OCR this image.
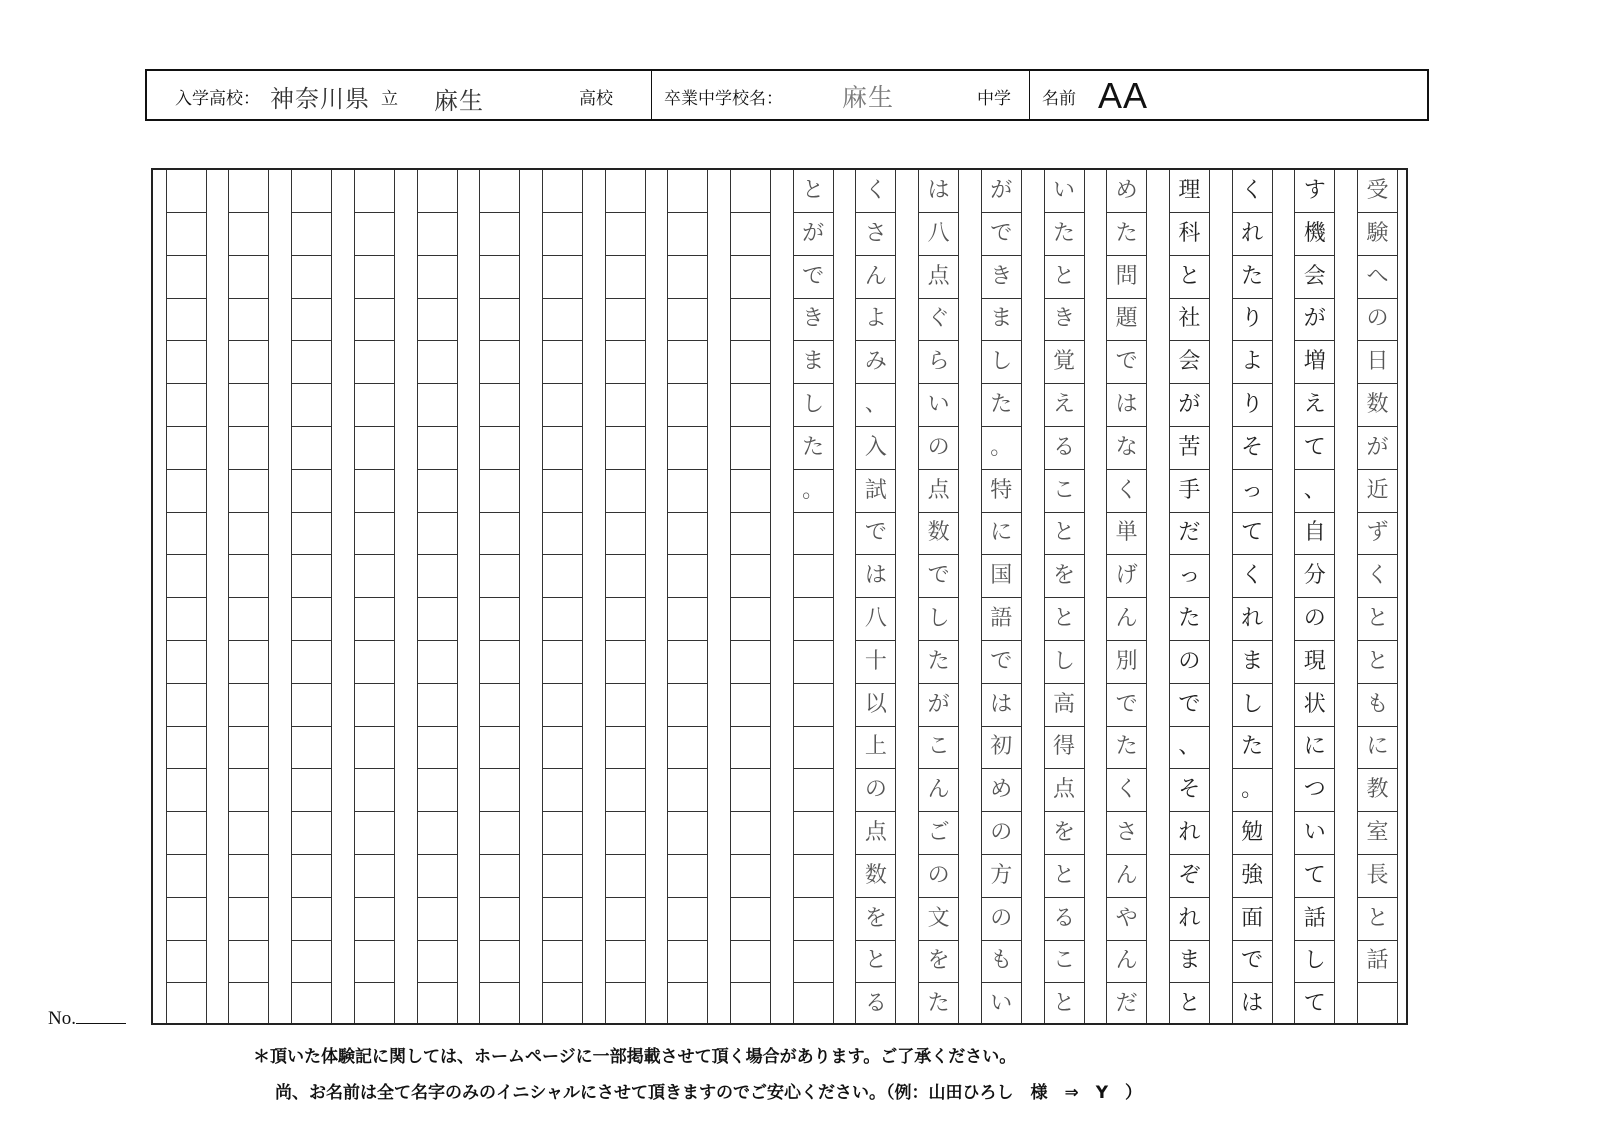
入学高校： 神奈川県 立 麻生	高校	卒業中学校名： 麻生	中学 名前 AA
受
験
へ
の
日
数
が
近
ず
く
と
と
も
に
教
室
長
と
話
す
機
会
が
増
え
て
、
自
分
の
現
状
に
つ
い
て
話
し
て
く
れ
た
り
よ
り
そ
っ
て
く
れ
ま
し
た
。
勉
強
面
で
は
理
科
と
社
会
が
苦
手
だ
っ
た
の
で
、
そ
れ
ぞ
れ
ま
と
め
た
問
題
で
は
な
く
単
げ
ん
別
で
た
く
さ
ん
や
ん
だ
い
た
と
き
覚
え
る
こ
と
を
と
し
高
得
点
を
と
る
こ
と
が
で
き
ま
し
た
。
特
に
国
語
で
は
初
め
の
方
の
も
い
は
八
点
ぐ
ら
い
の
点
数
で
し
た
が
こ
ん
ご
の
文
を
た
く
さ
ん
よ
み
、
入
試
で
は
八
十
以
上
の
点
数
を
と
る
と
が
で
き
ま
し
た
。
No.
＊頂いた体験記に関しては、ホームページに一部掲載させて頂く場合があります。ご了承ください。
尚、お名前は全て名字のみのイニシャルにさせて頂きますのでご安心ください。（例：山田ひろし　様　⇒　Y　）
